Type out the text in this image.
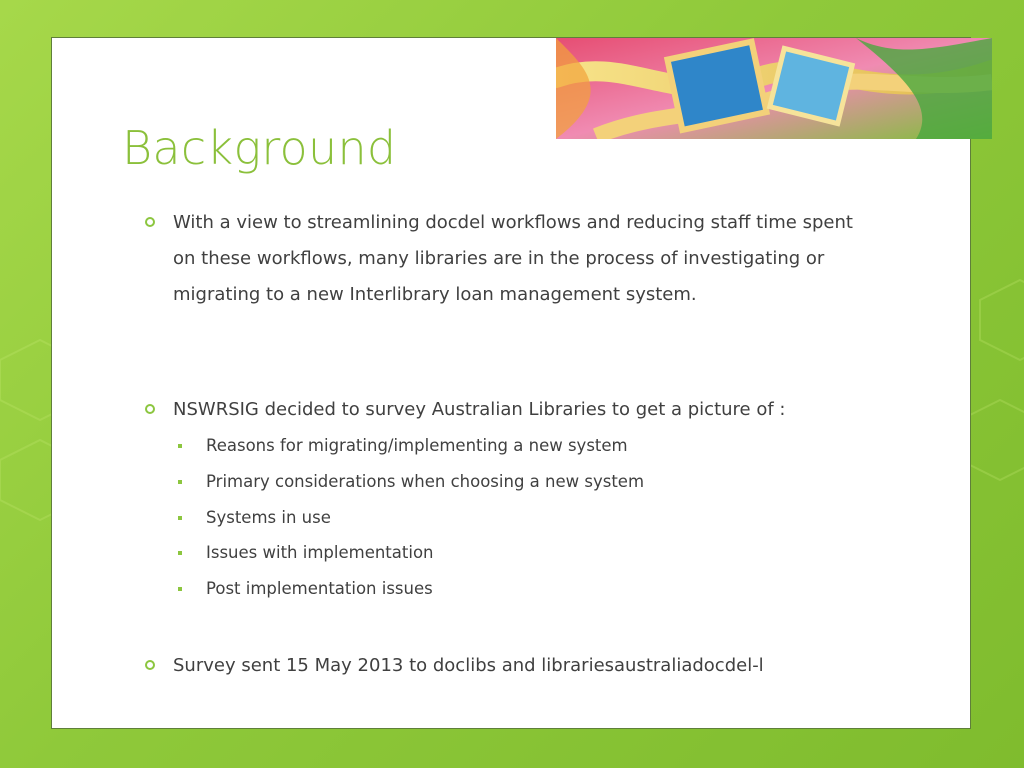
Background
With a view to streamlining docdel workflows and reducing staff time spent on these workflows, many libraries are in the process of investigating or migrating to a new Interlibrary loan management system.
NSWRSIG decided to survey Australian Libraries to get a picture of :
Reasons for migrating/implementing a new system
Primary considerations when choosing a new system
Systems in use
Issues with implementation
Post implementation issues
Survey sent 15 May 2013 to doclibs and librariesaustraliadocdel-l
